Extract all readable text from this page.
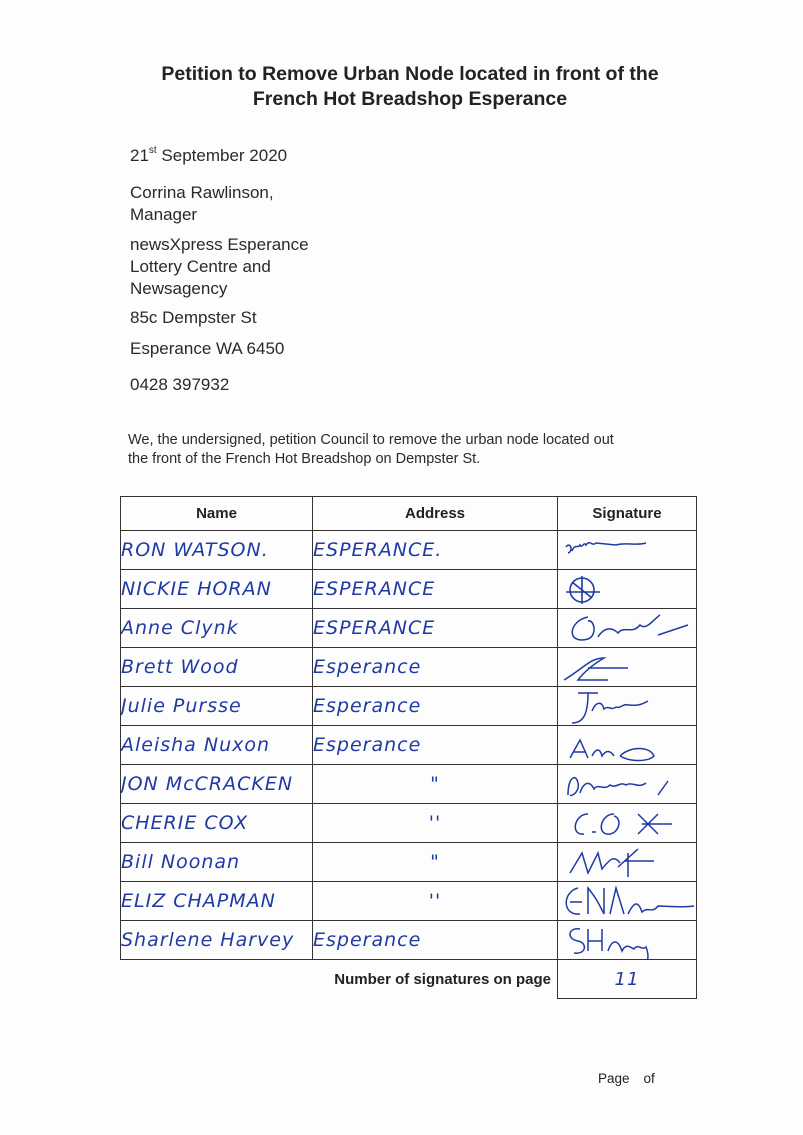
Petition to Remove Urban Node located in front of the
French Hot Breadshop Esperance
21st September 2020
Corrina Rawlinson,
Manager
newsXpress Esperance
Lottery Centre and
Newsagency
85c Dempster St
Esperance WA 6450
0428 397932
We, the undersigned, petition Council to remove the urban node located out
the front of the French Hot Breadshop on Dempster St.
Name	Address	Signature
RON WATSON.	ESPERANCE.	

NICKIE HORAN	ESPERANCE	

Anne Clynk	ESPERANCE	

Brett Wood	Esperance	

Julie Pursse	Esperance	

Aleisha Nuxon	Esperance	

JON McCRACKEN	"	

CHERIE COX	''	

Bill Noonan	"	

ELIZ CHAPMAN	''	

Sharlene Harvey	Esperance	

	Number of signatures on page	11
Page of
